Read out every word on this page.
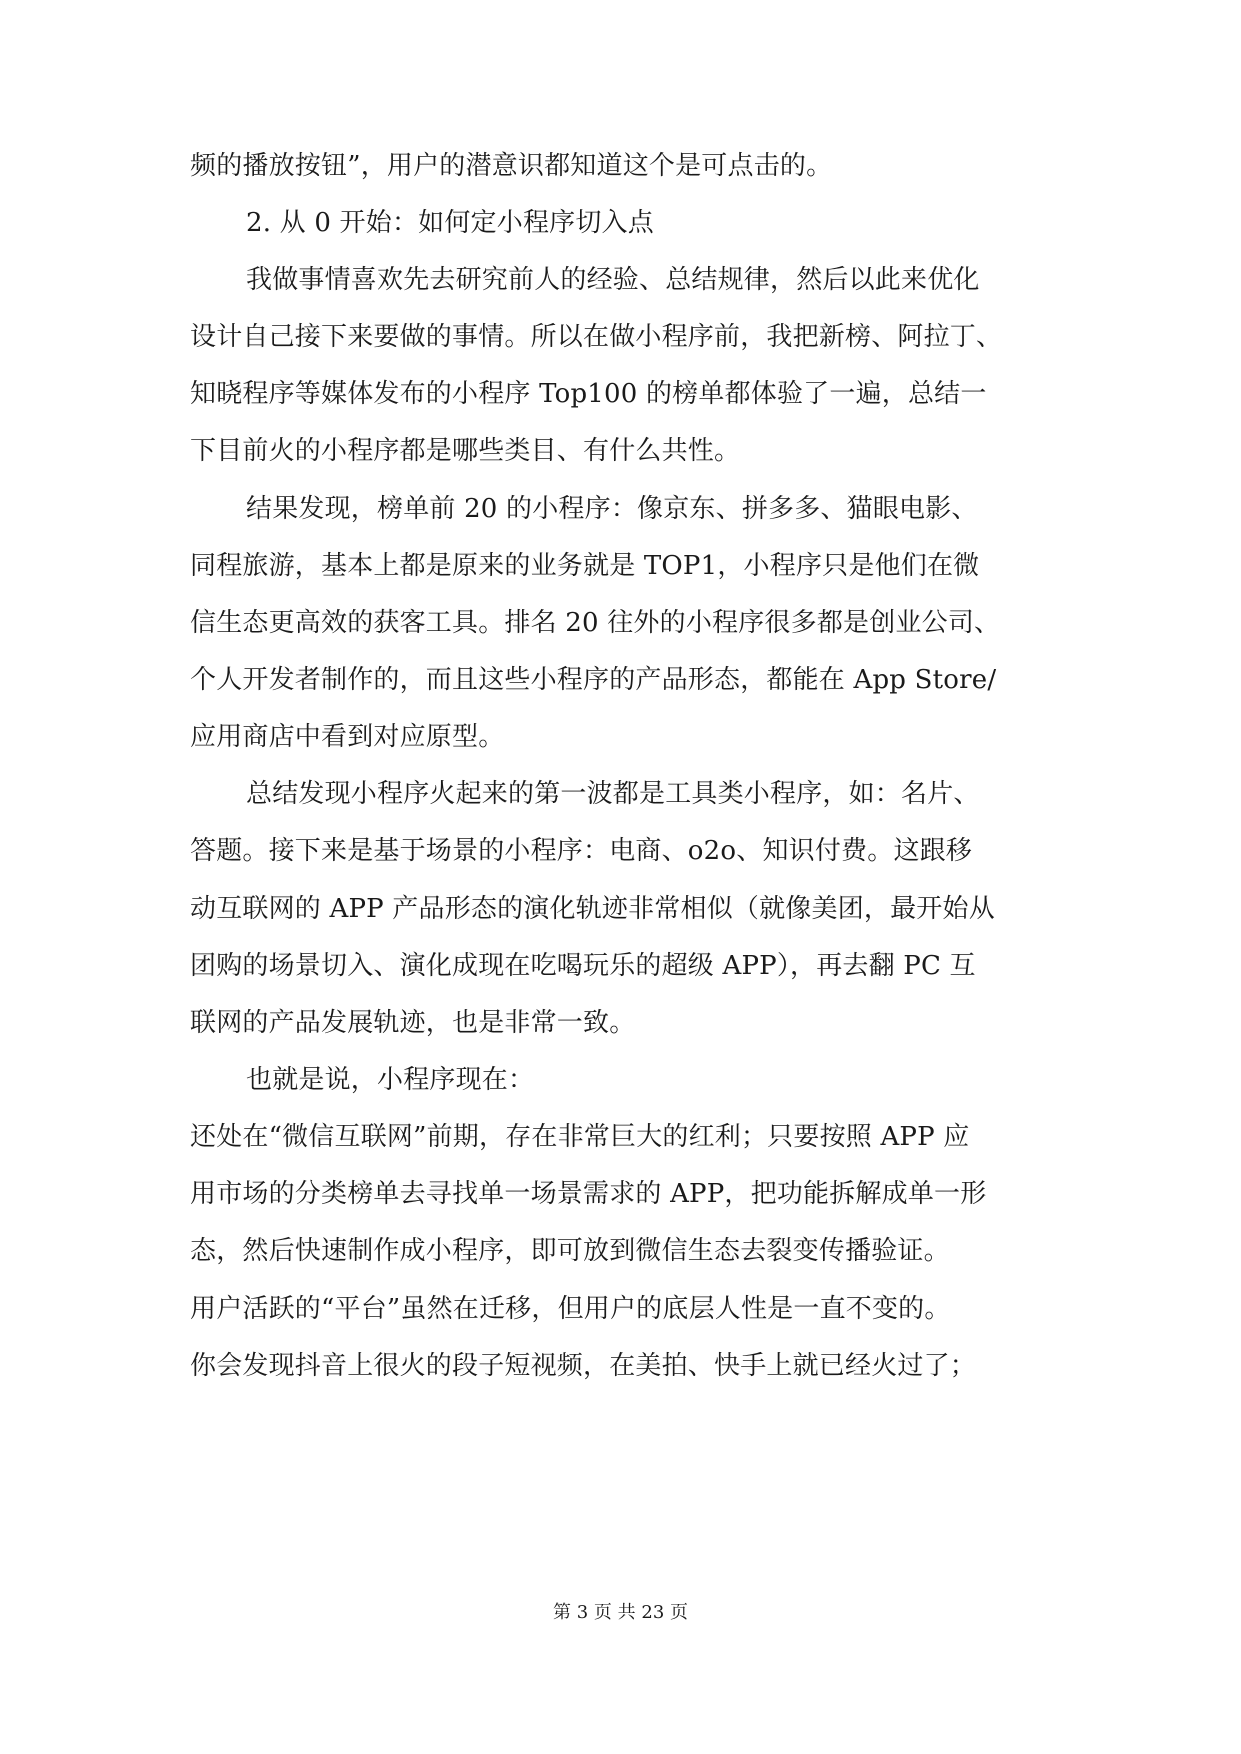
频的播放按钮”，用户的潜意识都知道这个是可点击的。
2. 从 0 开始：如何定小程序切入点
我做事情喜欢先去研究前人的经验、总结规律，然后以此来优化
设计自己接下来要做的事情。所以在做小程序前，我把新榜、阿拉丁、
知晓程序等媒体发布的小程序 Top100 的榜单都体验了一遍，总结一
下目前火的小程序都是哪些类目、有什么共性。
结果发现，榜单前 20 的小程序：像京东、拼多多、猫眼电影、
同程旅游，基本上都是原来的业务就是 TOP1，小程序只是他们在微
信生态更高效的获客工具。排名 20 往外的小程序很多都是创业公司、
个人开发者制作的，而且这些小程序的产品形态，都能在 App Store/
应用商店中看到对应原型。
总结发现小程序火起来的第一波都是工具类小程序，如：名片、
答题。接下来是基于场景的小程序：电商、o2o、知识付费。这跟移
动互联网的 APP 产品形态的演化轨迹非常相似（就像美团，最开始从
团购的场景切入、演化成现在吃喝玩乐的超级 APP），再去翻 PC 互
联网的产品发展轨迹，也是非常一致。
也就是说，小程序现在：
还处在“微信互联网”前期，存在非常巨大的红利；只要按照 APP 应
用市场的分类榜单去寻找单一场景需求的 APP，把功能拆解成单一形
态，然后快速制作成小程序，即可放到微信生态去裂变传播验证。
用户活跃的“平台”虽然在迁移，但用户的底层人性是一直不变的。
你会发现抖音上很火的段子短视频，在美拍、快手上就已经火过了；
第 3 页 共 23 页
